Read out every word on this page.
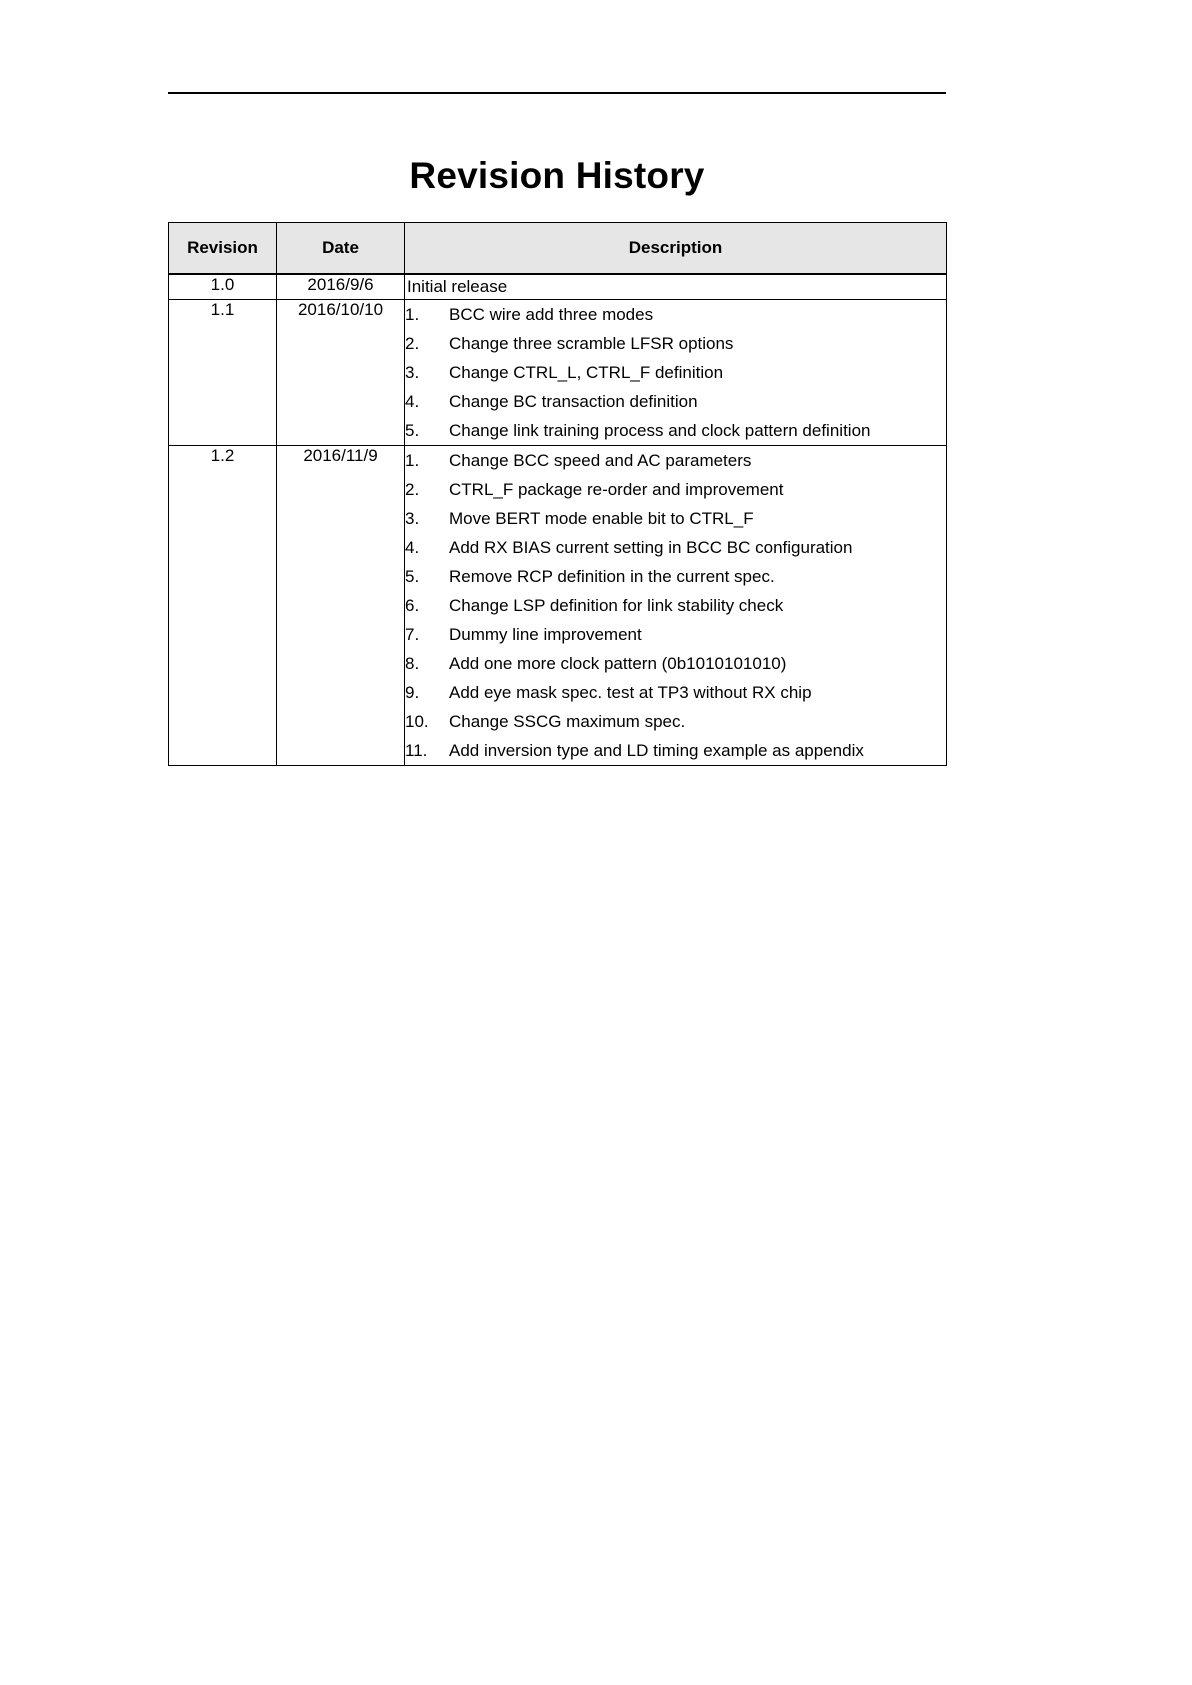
Revision History
Revision	Date	Description
1.0	2016/9/6	Initial release

1.1	2016/10/10	1.	BCC wire add three modes
2.	Change three scramble LFSR options
3.	Change CTRL_L, CTRL_F definition
4.	Change BC transaction definition
5.	Change link training process and clock pattern definition

1.2	2016/11/9	1.	Change BCC speed and AC parameters
2.	CTRL_F package re-order and improvement
3.	Move BERT mode enable bit to CTRL_F
4.	Add RX BIAS current setting in BCC BC configuration
5.	Remove RCP definition in the current spec.
6.	Change LSP definition for link stability check
7.	Dummy line improvement
8.	Add one more clock pattern (0b1010101010)
9.	Add eye mask spec. test at TP3 without RX chip
10.	Change SSCG maximum spec.
11.	Add inversion type and LD timing example as appendix
